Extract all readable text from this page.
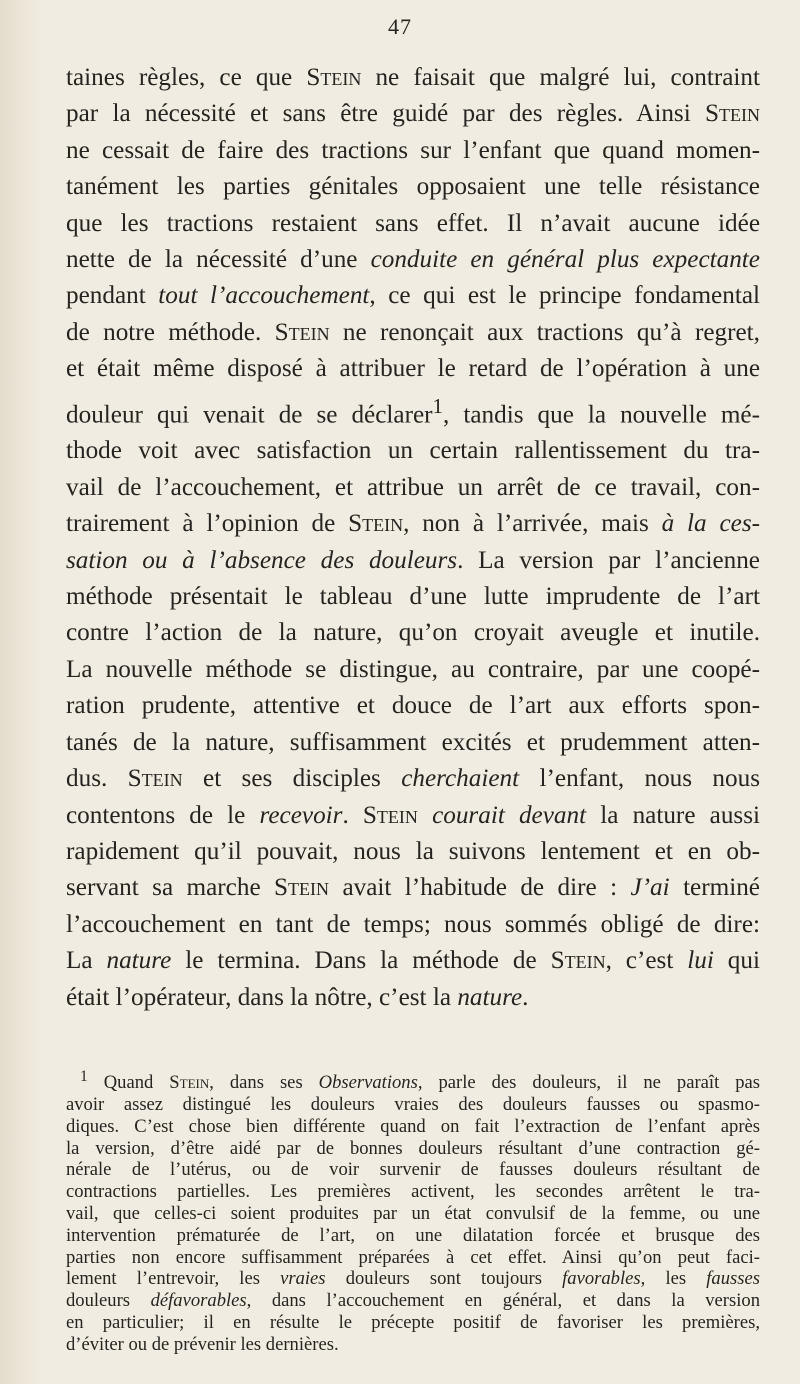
47
taines règles, ce que Stein ne faisait que malgré lui, contraint
par la nécessité et sans être guidé par des règles. Ainsi Stein
ne cessait de faire des tractions sur l’enfant que quand momen-
tanément les parties génitales opposaient une telle résistance
que les tractions restaient sans effet. Il n’avait aucune idée
nette de la nécessité d’une conduite en général plus expectante
pendant tout l’accouchement, ce qui est le principe fondamental
de notre méthode. Stein ne renonçait aux tractions qu’à regret,
et était même disposé à attribuer le retard de l’opération à une
douleur qui venait de se déclarer$^1$, tandis que la nouvelle mé-
thode voit avec satisfaction un certain rallentissement du tra-
vail de l’accouchement, et attribue un arrêt de ce travail, con-
trairement à l’opinion de Stein, non à l’arrivée, mais à la ces-
sation ou à l’absence des douleurs. La version par l’ancienne
méthode présentait le tableau d’une lutte imprudente de l’art
contre l’action de la nature, qu’on croyait aveugle et inutile.
La nouvelle méthode se distingue, au contraire, par une coopé-
ration prudente, attentive et douce de l’art aux efforts spon-
tanés de la nature, suffisamment excités et prudemment atten-
dus. Stein et ses disciples cherchaient l’enfant, nous nous
contentons de le recevoir. Stein courait devant la nature aussi
rapidement qu’il pouvait, nous la suivons lentement et en ob-
servant sa marche Stein avait l’habitude de dire : J’ai terminé
l’accouchement en tant de temps; nous sommés obligé de dire:
La nature le termina. Dans la méthode de Stein, c’est lui qui
était l’opérateur, dans la nôtre, c’est la nature.
$^1$ Quand Stein, dans ses Observations, parle des douleurs, il ne paraît pas
avoir assez distingué les douleurs vraies des douleurs fausses ou spasmo-
diques. C’est chose bien différente quand on fait l’extraction de l’enfant après
la version, d’être aidé par de bonnes douleurs résultant d’une contraction gé-
nérale de l’utérus, ou de voir survenir de fausses douleurs résultant de
contractions partielles. Les premières activent, les secondes arrêtent le tra-
vail, que celles-ci soient produites par un état convulsif de la femme, ou une
intervention prématurée de l’art, on une dilatation forcée et brusque des
parties non encore suffisamment préparées à cet effet. Ainsi qu’on peut faci-
lement l’entrevoir, les vraies douleurs sont toujours favorables, les fausses
douleurs défavorables, dans l’accouchement en général, et dans la version
en particulier; il en résulte le précepte positif de favoriser les premières,
d’éviter ou de prévenir les dernières.
